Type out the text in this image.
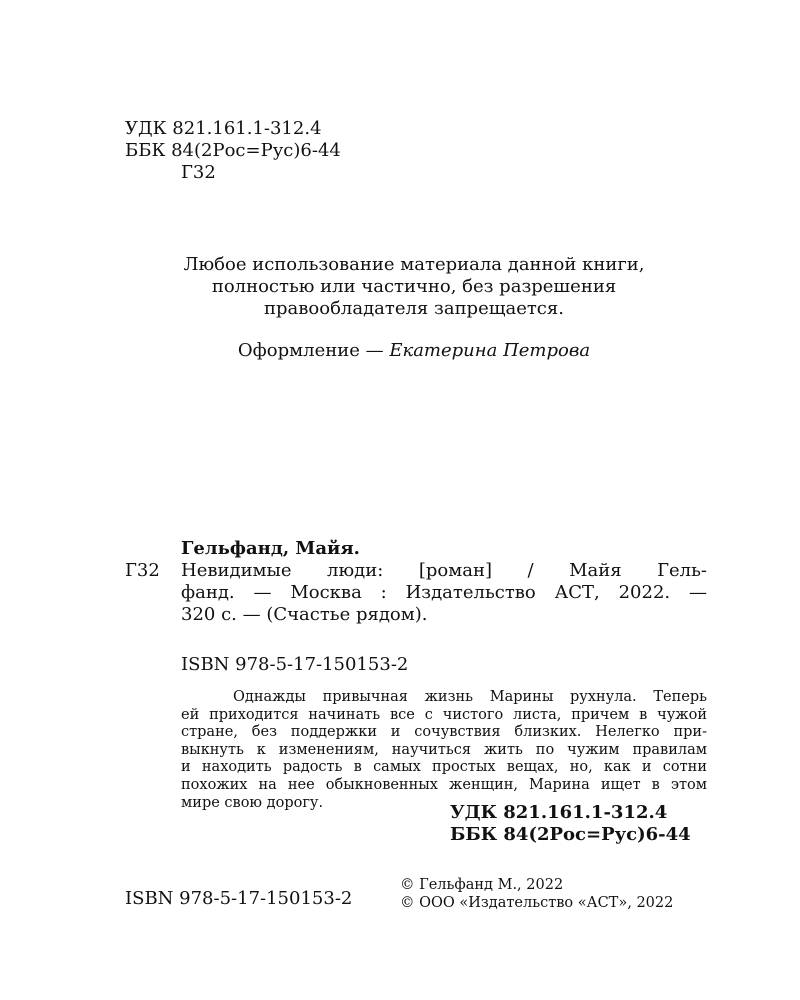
УДК 821.161.1-312.4
ББК 84(2Рос=Рус)6-44
Г32
Любое использование материала данной книги,
полностью или частично, без разрешения
правообладателя запрещается.
Оформление — Екатерина Петрова
Гельфанд, Майя.
Г32 Невидимые люди: [роман] / Майя Гель-
фанд. — Москва : Издательство АСТ, 2022. —
320 с. — (Счастье рядом).
ISBN 978-5-17-150153-2
Однажды привычная жизнь Марины рухнула. Теперь
ей приходится начинать все с чистого листа, причем в чужой
стране, без поддержки и сочувствия близких. Нелегко при-
выкнуть к изменениям, научиться жить по чужим правилам
и находить радость в самых простых вещах, но, как и сотни
похожих на нее обыкновенных женщин, Марина ищет в этом
мире свою дорогу.	УДК 821.161.1-312.4
ББК 84(2Рос=Рус)6-44
ISBN 978-5-17-150153-2
© Гельфанд М., 2022
© ООО «Издательство «АСТ», 2022
